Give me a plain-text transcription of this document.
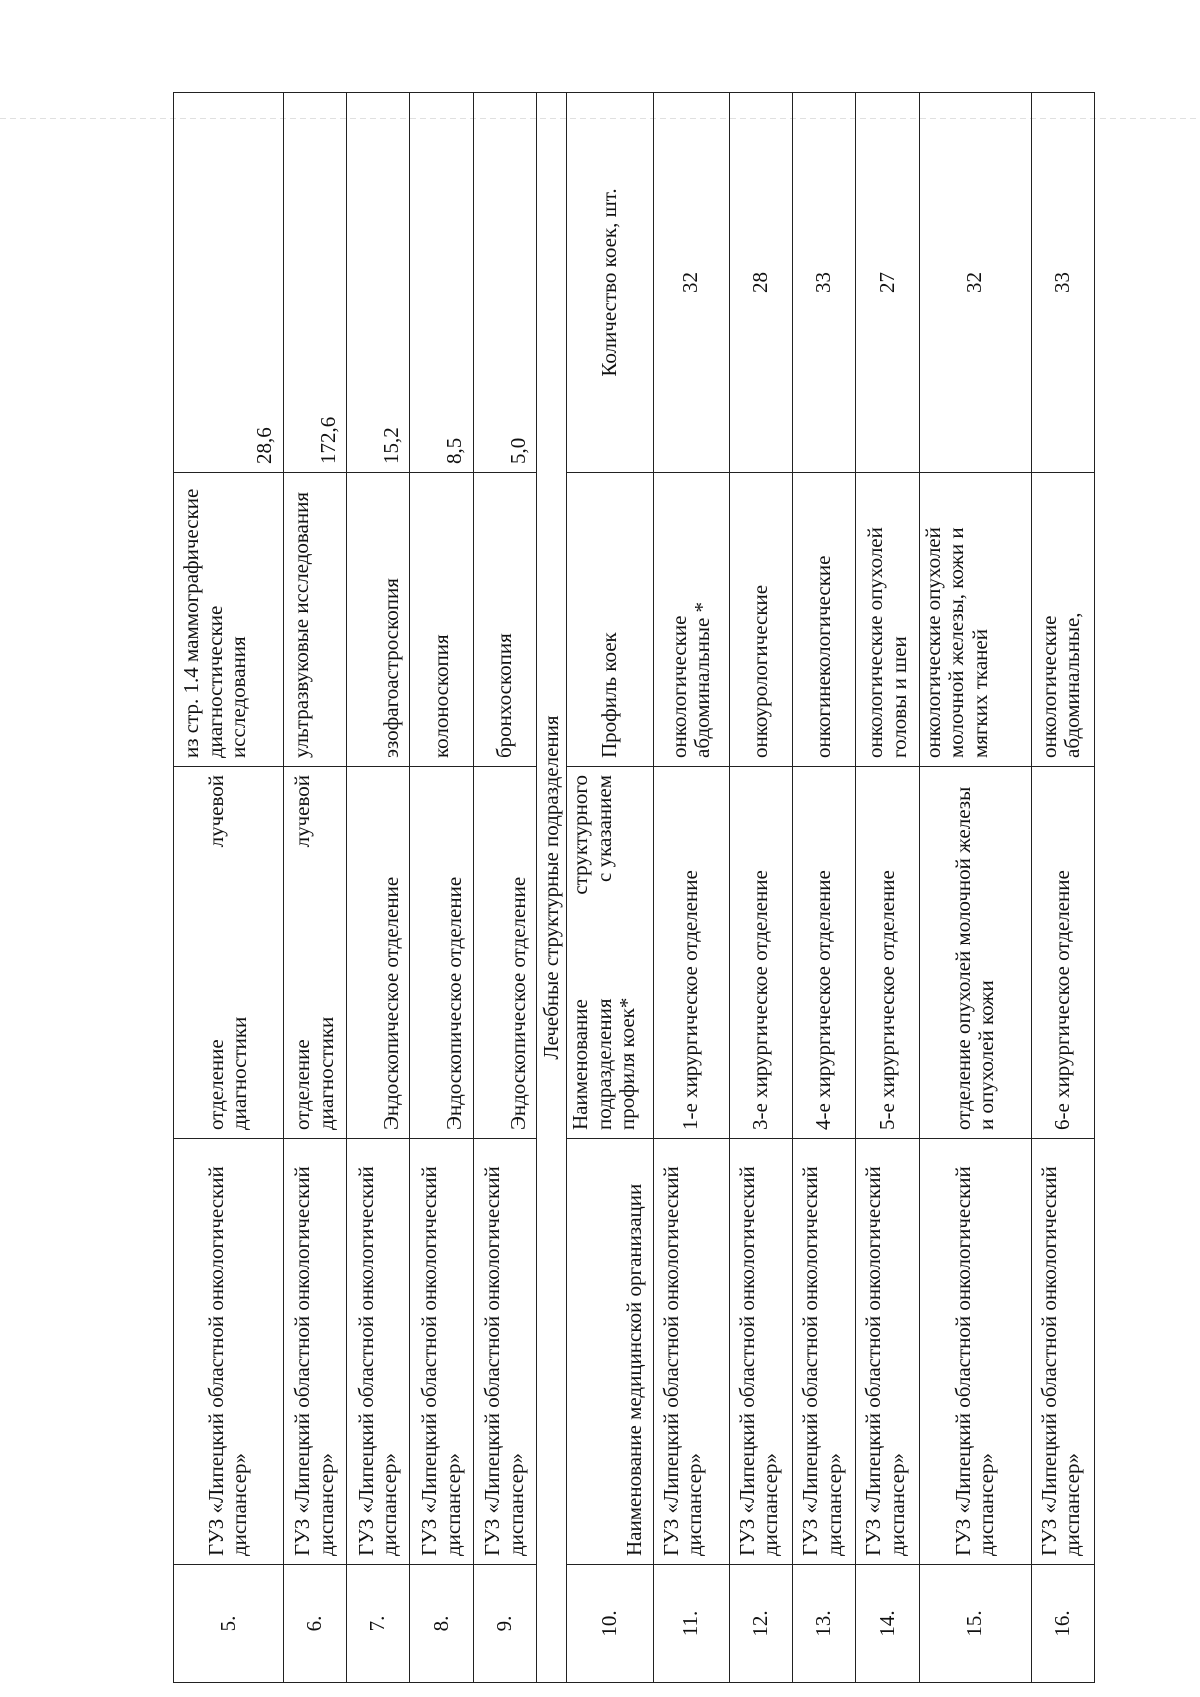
5.	ГУЗ «Липецкий областной онкологический диспансер»	отделение
лучевой
диагностики	из стр. 1.4 маммографические диагностические исследования	28,6
6.	ГУЗ «Липецкий областной онкологический диспансер»	отделение
лучевой
диагностики	ультразвуковые исследования	172,6
7.	ГУЗ «Липецкий областной онкологический диспансер»	Эндоскопическое отделение	эзофагоастроскопия	15,2
8.	ГУЗ «Липецкий областной онкологический диспансер»	Эндоскопическое отделение	колоноскопия	8,5
9.	ГУЗ «Липецкий областной онкологический диспансер»	Эндоскопическое отделение	бронхоскопия	5,0
Лечебные структурные подразделения				
10.	Наименование медицинской организации	Наименование
структурного
подразделения
с указанием
профиля коек*	Профиль коек	Количество коек, шт.
11.	ГУЗ «Липецкий областной онкологический диспансер»	1-е хирургическое отделение	онкологические абдоминальные *	32
12.	ГУЗ «Липецкий областной онкологический диспансер»	3-е хирургическое отделение	онкоурологические	28
13.	ГУЗ «Липецкий областной онкологический диспансер»	4-е хирургическое отделение	онкогинекологические	33
14.	ГУЗ «Липецкий областной онкологический диспансер»	5-е хирургическое отделение	онкологические опухолей головы и шеи	27
15.	ГУЗ «Липецкий областной онкологический диспансер»	отделение опухолей молочной железы и опухолей кожи	онкологические опухолей молочной железы, кожи и мягких тканей	32
16.	ГУЗ «Липецкий областной онкологический диспансер»	6-е хирургическое отделение	онкологические абдоминальные,	33
